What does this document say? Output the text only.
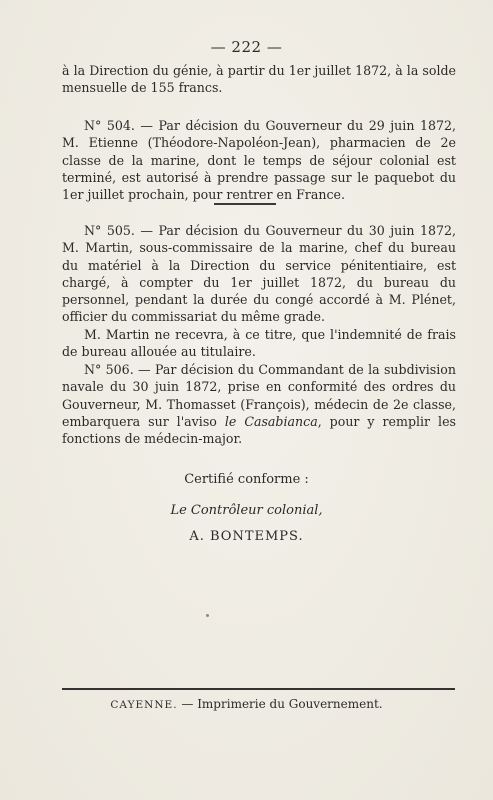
— 222 —

à la Direction du génie, à partir du 1er juillet 1872, à la solde mensuelle de 155 francs.

N° 504. — Par décision du Gouverneur du 29 juin 1872, M. Etienne (Théodore-Napoléon-Jean), pharmacien de 2e classe de la marine, dont le temps de séjour colonial est terminé, est autorisé à prendre passage sur le paquebot du 1er juillet prochain, pour rentrer en France.

N° 505. — Par décision du Gouverneur du 30 juin 1872, M. Martin, sous-commissaire de la marine, chef du bureau du matériel à la Direction du service pénitentiaire, est chargé, à compter du 1er juillet 1872, du bureau du personnel, pendant la durée du congé accordé à M. Plénet, officier du commissariat du même grade.

M. Martin ne recevra, à ce titre, que l'indemnité de frais de bureau allouée au titulaire.

N° 506. — Par décision du Commandant de la subdivision navale du 30 juin 1872, prise en conformité des ordres du Gouverneur, M. Thomasset (François), médecin de 2e classe, embarquera sur l'aviso le Casabianca, pour y remplir les fonctions de médecin-major.

Certifié conforme :
Le Contrôleur colonial,
A. BONTEMPS.
CAYENNE. — Imprimerie du Gouvernement.
